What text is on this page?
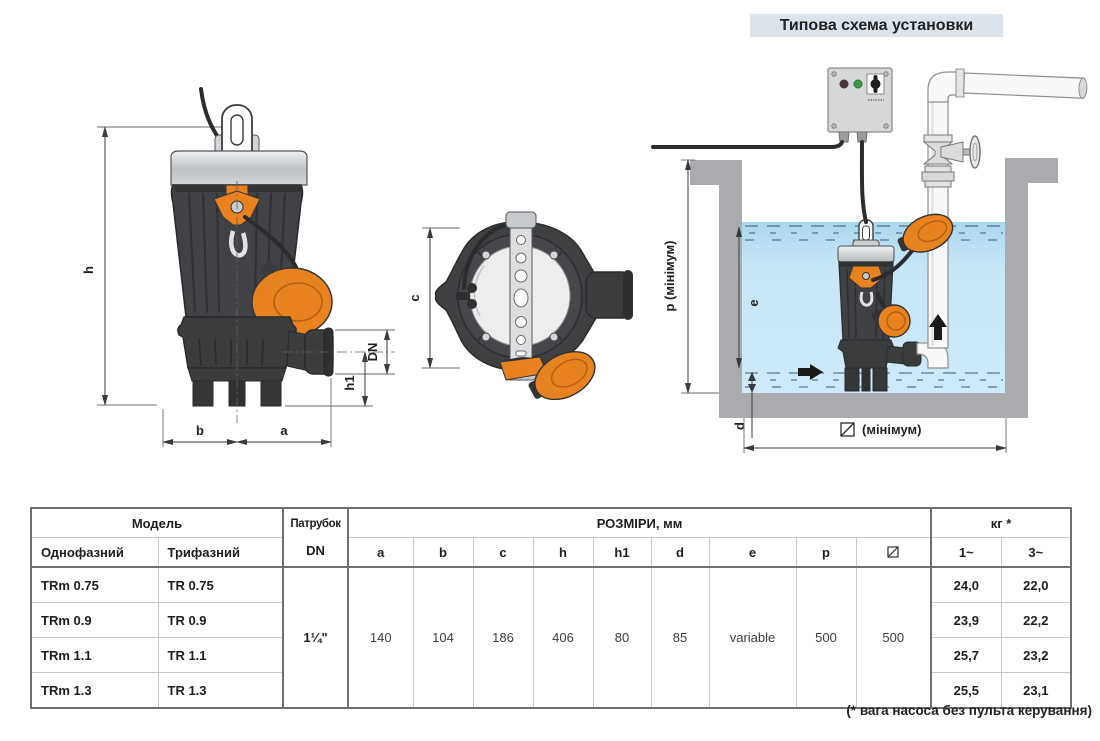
Типова схема установки
h
b	a
DN
h1
c	p (мінімум)	e
d	(мінімум)
Модель		Патрубок
DN	РОЗМІРИ, мм									кг *	
Однофазний	Трифазний		a	b	c	h	h1	d	e	p		1~	3~
TRm 0.75	TR 0.75	1¼"	140	104	186	406	80	85	variable	500	500	24,0	22,0
TRm 0.9	TR 0.9											23,9	22,2
TRm 1.1	TR 1.1											25,7	23,2
TRm 1.3	TR 1.3											25,5	23,1
(* вага насоса без пульта керування)
